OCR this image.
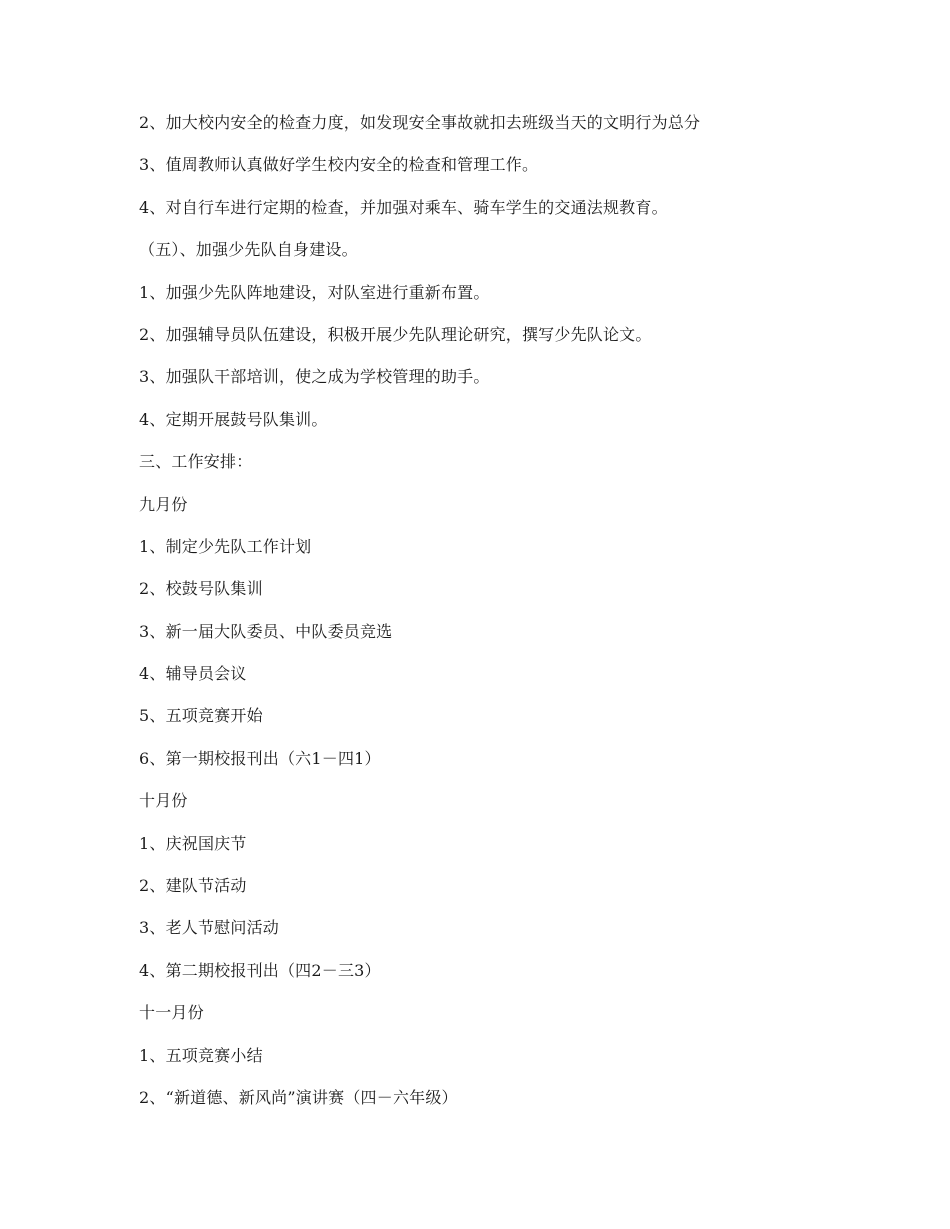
2、加大校内安全的检查力度，如发现安全事故就扣去班级当天的文明行为总分
3、值周教师认真做好学生校内安全的检查和管理工作。
4、对自行车进行定期的检查，并加强对乘车、骑车学生的交通法规教育。
（五）、加强少先队自身建设。
1、加强少先队阵地建设，对队室进行重新布置。
2、加强辅导员队伍建设，积极开展少先队理论研究，撰写少先队论文。
3、加强队干部培训，使之成为学校管理的助手。
4、定期开展鼓号队集训。
三、工作安排：
九月份
1、制定少先队工作计划
2、校鼓号队集训
3、新一届大队委员、中队委员竞选
4、辅导员会议
5、五项竞赛开始
6、第一期校报刊出（六1－四1）
十月份
1、庆祝国庆节
2、建队节活动
3、老人节慰问活动
4、第二期校报刊出（四2－三3）
十一月份
1、五项竞赛小结
2、“新道德、新风尚”演讲赛（四－六年级）
